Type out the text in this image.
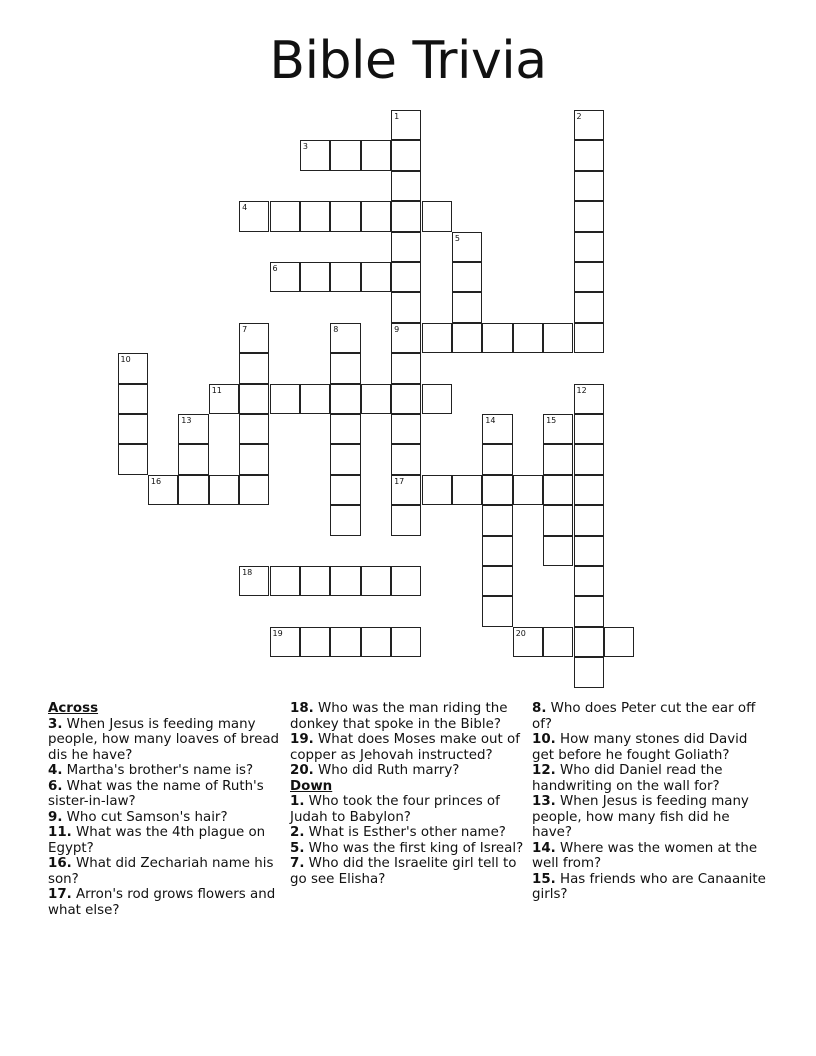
Bible Trivia
1	2
3
4
5
6
7	8	9
10
11	12
13	14	15
16	17
18
19	20

Across

3. When Jesus is feeding many people, how many loaves of bread dis he have?

4. Martha's brother's name is?

6. What was the name of Ruth's sister-in-law?

9. Who cut Samson's hair?

11. What was the 4th plague on Egypt?

16. What did Zechariah name his son?

17. Arron's rod grows flowers and what else?

18. Who was the man riding the donkey that spoke in the Bible?

19. What does Moses make out of copper as Jehovah instructed?

20. Who did Ruth marry?

Down

1. Who took the four princes of Judah to Babylon?

2. What is Esther's other name?

5. Who was the first king of Isreal?

7. Who did the Israelite girl tell to go see Elisha?

8. Who does Peter cut the ear off of?

10. How many stones did David get before he fought Goliath?

12. Who did Daniel read the handwriting on the wall for?

13. When Jesus is feeding many people, how many fish did he have?

14. Where was the women at the well from?

15. Has friends who are Canaanite girls?
